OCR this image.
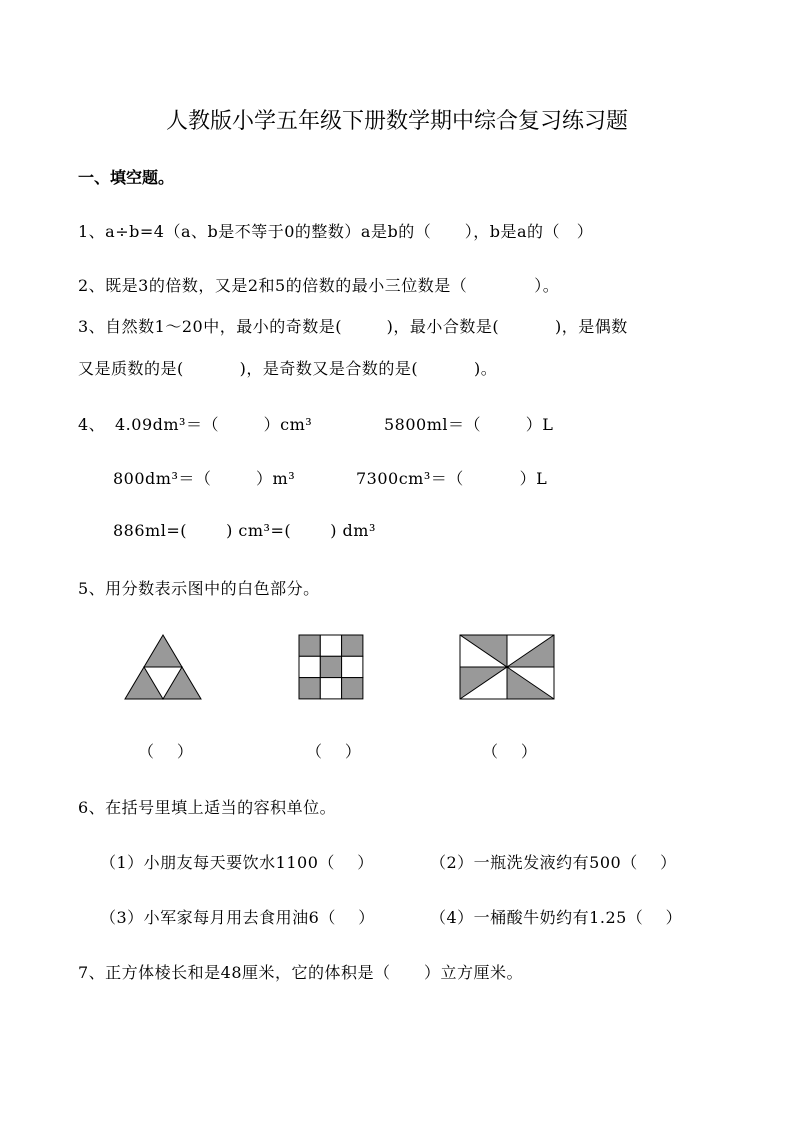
人教版小学五年级下册数学期中综合复习练习题
一、填空题。
1、a÷b=4（a、b是不等于0的整数）a是b的（      ），b是a的（   ）
2、既是3的倍数，又是2和5的倍数的最小三位数是（            ）。
3、自然数1～20中，最小的奇数是(        )，最小合数是(          )，是偶数
又是质数的是(          )，是奇数又是合数的是(          )。
4、 4.09dm³＝（        ）cm³	5800ml＝（        ）L
800dm³＝（        ）m³	7300cm³＝（          ）L
886ml=(       ) cm³=(       ) dm³
5、用分数表示图中的白色部分。
（    ）	（    ）	（    ）
6、在括号里填上适当的容积单位。
（1）小朋友每天要饮水1100（    ）	（2）一瓶洗发液约有500（    ）
（3）小军家每月用去食用油6（    ）	（4）一桶酸牛奶约有1.25（    ）
7、正方体棱长和是48厘米，它的体积是（      ）立方厘米。
